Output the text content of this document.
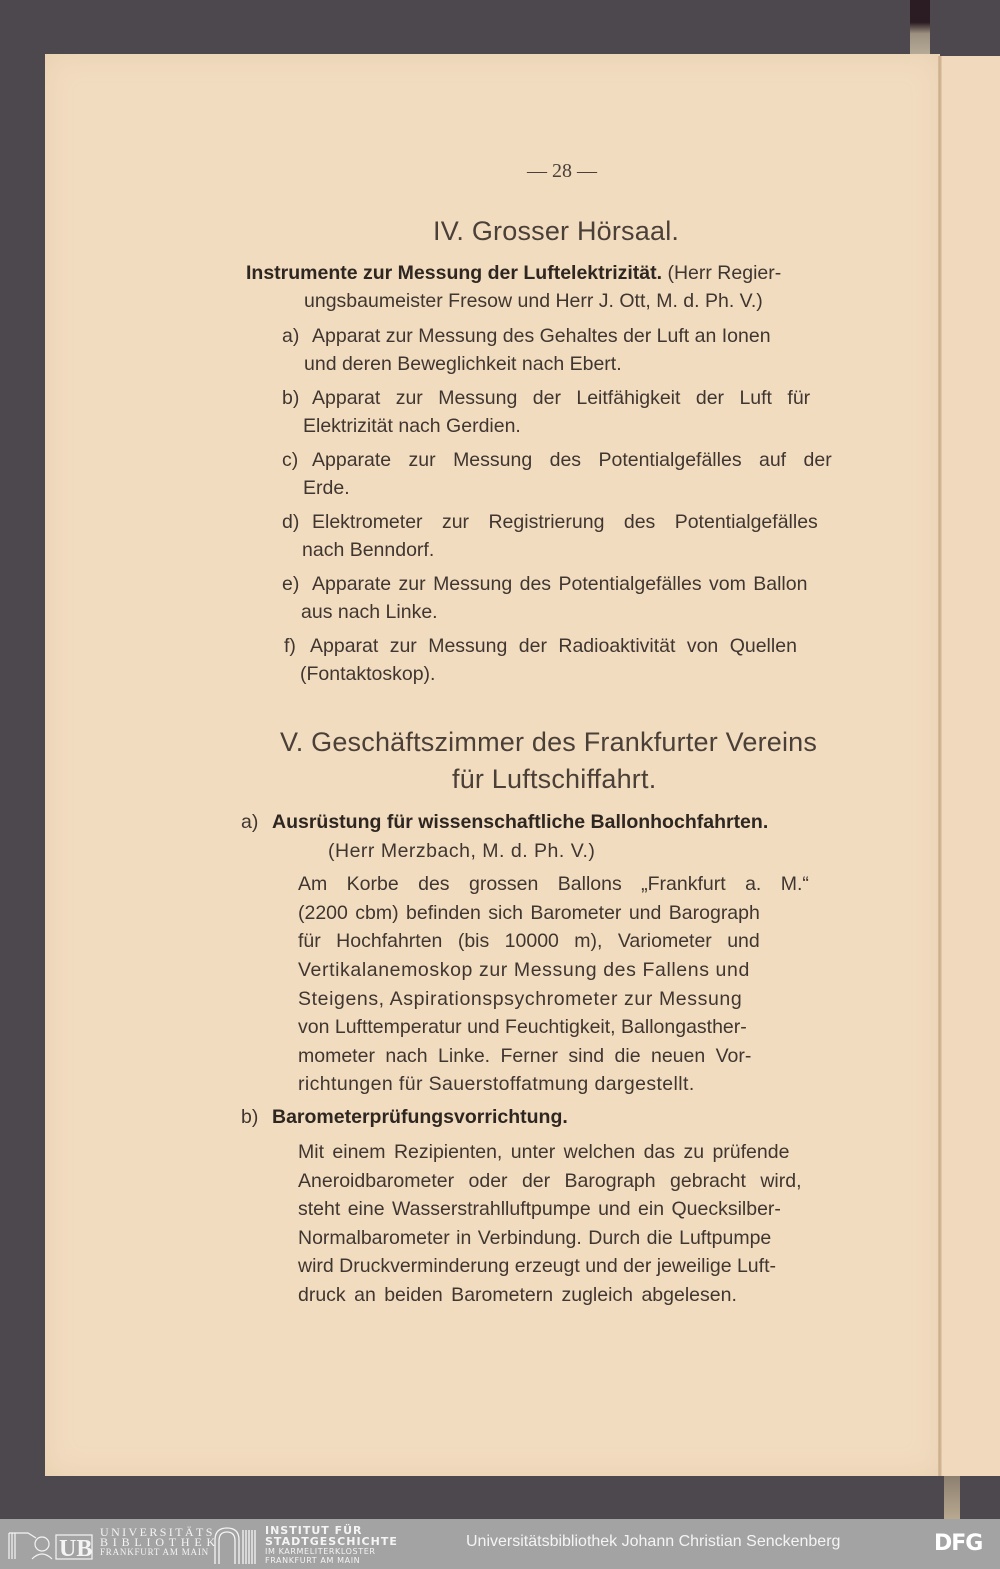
— 28 —
IV. Grosser Hörsaal.
Instrumente zur Messung der Luftelektrizität. (Herr Regier-
ungsbaumeister Fresow und Herr J. Ott, M. d. Ph. V.)
a) Apparat zur Messung des Gehaltes der Luft an Ionen
und deren Beweglichkeit nach Ebert.
b) Apparat zur Messung der Leitfähigkeit der Luft für
Elektrizität nach Gerdien.
c) Apparate zur Messung des Potentialgefälles auf der
Erde.
d) Elektrometer zur Registrierung des Potentialgefälles
nach Benndorf.
e) Apparate zur Messung des Potentialgefälles vom Ballon
aus nach Linke.
f) Apparat zur Messung der Radioaktivität von Quellen
(Fontaktoskop).
V. Geschäftszimmer des Frankfurter Vereins
für Luftschiffahrt.
a) Ausrüstung für wissenschaftliche Ballonhochfahrten.
(Herr Merzbach, M. d. Ph. V.)
Am Korbe des grossen Ballons „Frankfurt a. M.“
(2200 cbm) befinden sich Barometer und Barograph
für Hochfahrten (bis 10000 m), Variometer und
Vertikalanemoskop zur Messung des Fallens und
Steigens, Aspirationspsychrometer zur Messung
von Lufttemperatur und Feuchtigkeit, Ballongasther-
mometer nach Linke. Ferner sind die neuen Vor-
richtungen für Sauerstoffatmung dargestellt.
b) Barometerprüfungsvorrichtung.
Mit einem Rezipienten, unter welchen das zu prüfende
Aneroidbarometer oder der Barograph gebracht wird,
steht eine Wasserstrahlluftpumpe und ein Quecksilber-
Normalbarometer in Verbindung. Durch die Luftpumpe
wird Druckverminderung erzeugt und der jeweilige Luft-
druck an beiden Barometern zugleich abgelesen.
UB
UNIVERSITÄTS
BIBLIOTHEK
FRANKFURT AM MAIN
INSTITUT FÜR
STADTGESCHICHTE
IM KARMELITERKLOSTER
FRANKFURT AM MAIN
Universitätsbibliothek Johann Christian Senckenberg	DFG
